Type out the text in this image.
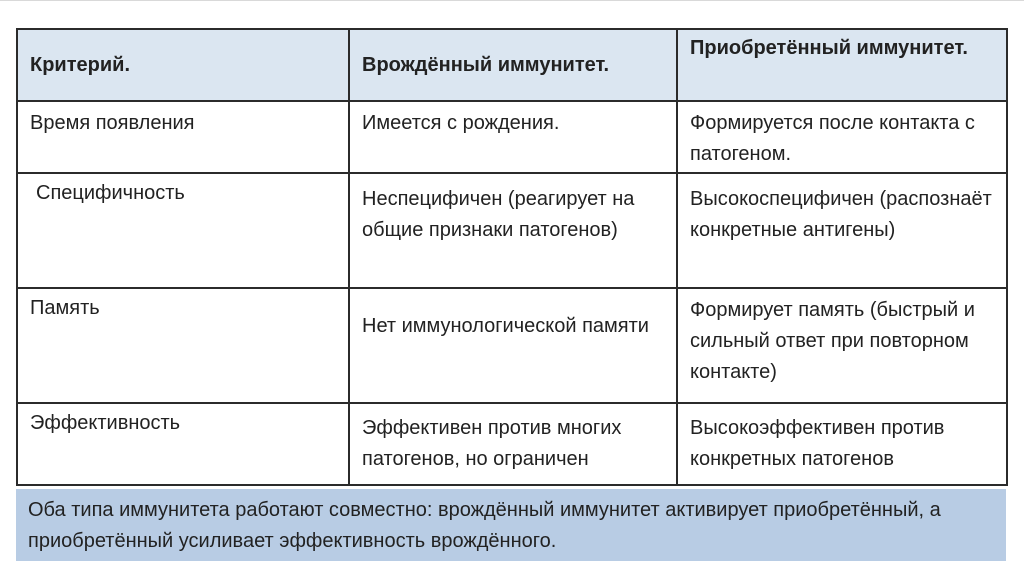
Критерий.	Врождённый иммунитет.	Приобретённый иммунитет.

Время появления	Имеется с рождения.	Формируется после контакта с патогеном.

Специфичность	Неспецифичен (реагирует на общие признаки патогенов)	Высокоспецифичен (распознаёт конкретные антигены)

Память	Нет иммунологической памяти	Формирует память (быстрый и сильный ответ при повторном контакте)

Эффективность	Эффективен против многих патогенов, но ограничен	Высокоэффективен против конкретных патогенов
Оба типа иммунитета работают совместно: врождённый иммунитет активирует приобретённый, а приобретённый усиливает эффективность врождённого.
